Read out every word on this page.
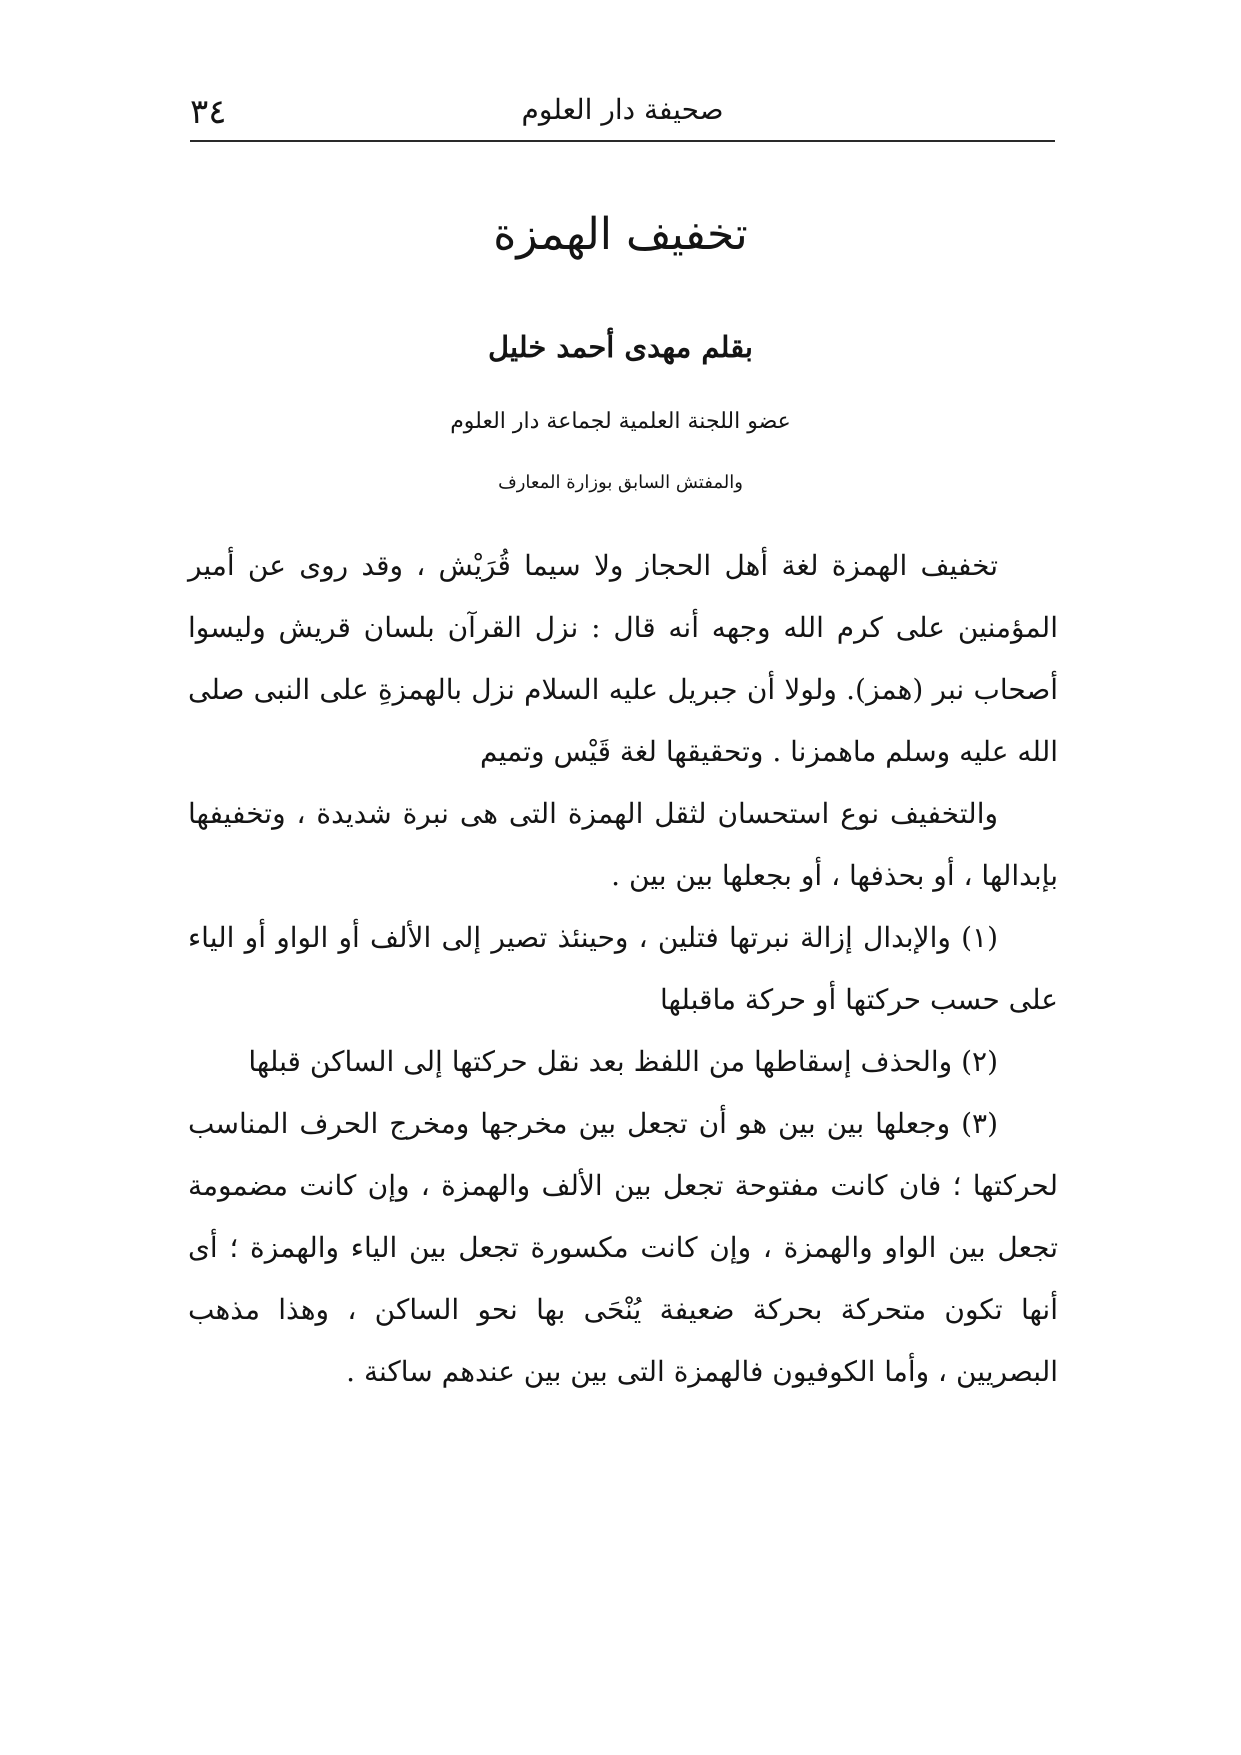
٣٤	صحيفة دار العلوم
تخفيف الهمزة
بقلم مهدى أحمد خليل
عضو اللجنة العلمية لجماعة دار العلوم
والمفتش السابق بوزارة المعارف

تخفيف الهمزة لغة أهل الحجاز ولا سيما قُرَيْش ، وقد روى عن أمير المؤمنين على كرم الله وجهه أنه قال : نزل القرآن بلسان قريش وليسوا أصحاب نبر (همز). ولولا أن جبريل عليه السلام نزل بالهمزةِ على النبى صلى الله عليه وسلم ماهمزنا . وتحقيقها لغة قَيْس وتميم

والتخفيف نوع استحسان لثقل الهمزة التى هى نبرة شديدة ، وتخفيفها بإبدالها ، أو بحذفها ، أو بجعلها بين بين .

(١) والإبدال إزالة نبرتها فتلين ، وحينئذ تصير إلى الألف أو الواو أو الياء على حسب حركتها أو حركة ماقبلها

(٢) والحذف إسقاطها من اللفظ بعد نقل حركتها إلى الساكن قبلها

(٣) وجعلها بين بين هو أن تجعل بين مخرجها ومخرج الحرف المناسب لحركتها ؛ فان كانت مفتوحة تجعل بين الألف والهمزة ، وإن كانت مضمومة تجعل بين الواو والهمزة ، وإن كانت مكسورة تجعل بين الياء والهمزة ؛ أى أنها تكون متحركة بحركة ضعيفة يُنْحَى بها نحو الساكن ، وهذا مذهب البصريين ، وأما الكوفيون فالهمزة التى بين بين عندهم ساكنة .
